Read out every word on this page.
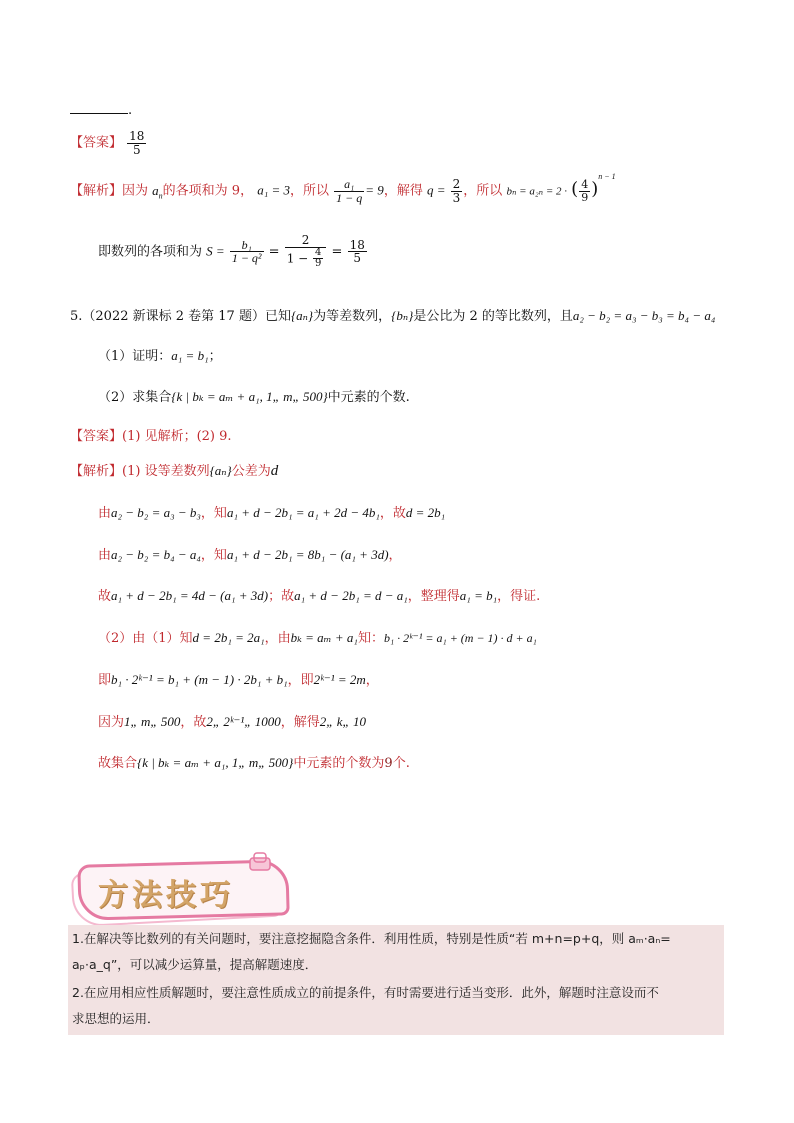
.
【答案】 $\frac{18}{5}$
【解析】因为 $a_n$的各项和为 9， a₁ = 3，所以 $\frac{\text{a₁}}{1 - q} = 9$，解得 $q = \frac{2}{3}$ ，所以 bₙ = a₂ₙ = 2 · ( $\frac{4}{9} )^{n - 1}$
即数列的各项和为 $S = \frac{\text{b₁}}{\text{1 − q²}} = \frac{2}{1 - \frac{4}{9}} = \frac{18}{5}$
5.（2022 新课标 2 卷第 17 题）已知{aₙ}为等差数列，{bₙ}是公比为 2 的等比数列，且a₂ − b₂ = a₃ − b₃ = b₄ − a₄
（1）证明：a₁ = b₁；
（2）求集合{k | bₖ = aₘ + a₁, 1„ m„ 500}中元素的个数.
【答案】(1) 见解析；(2) 9.
【解析】(1) 设等差数列{aₙ}公差为d
由a₂ − b₂ = a₃ − b₃，知a₁ + d − 2b₁ = a₁ + 2d − 4b₁，故d = 2b₁
由a₂ − b₂ = b₄ − a₄，知a₁ + d − 2b₁ = 8b₁ − (a₁ + 3d)，
故a₁ + d − 2b₁ = 4d − (a₁ + 3d)；故a₁ + d − 2b₁ = d − a₁，整理得a₁ = b₁，得证.
（2）由（1）知d = 2b₁ = 2a₁，由bₖ = aₘ + a₁知：b₁ · 2ᵏ⁻¹ = a₁ + (m − 1) · d + a₁
即b₁ · 2ᵏ⁻¹ = b₁ + (m − 1) · 2b₁ + b₁，即2ᵏ⁻¹ = 2m，
因为1„ m„ 500，故2„ 2ᵏ⁻¹„ 1000，解得2„ k„ 10
故集合{k | bₖ = aₘ + a₁, 1„ m„ 500}中元素的个数为9个.
方法技巧
1.在解决等比数列的有关问题时，要注意挖掘隐含条件．利用性质，特别是性质“若 m+n=p+q，则 aₘ·aₙ=
aₚ·a_q”，可以减少运算量，提高解题速度．
2.在应用相应性质解题时，要注意性质成立的前提条件，有时需要进行适当变形．此外，解题时注意设而不
求思想的运用．
